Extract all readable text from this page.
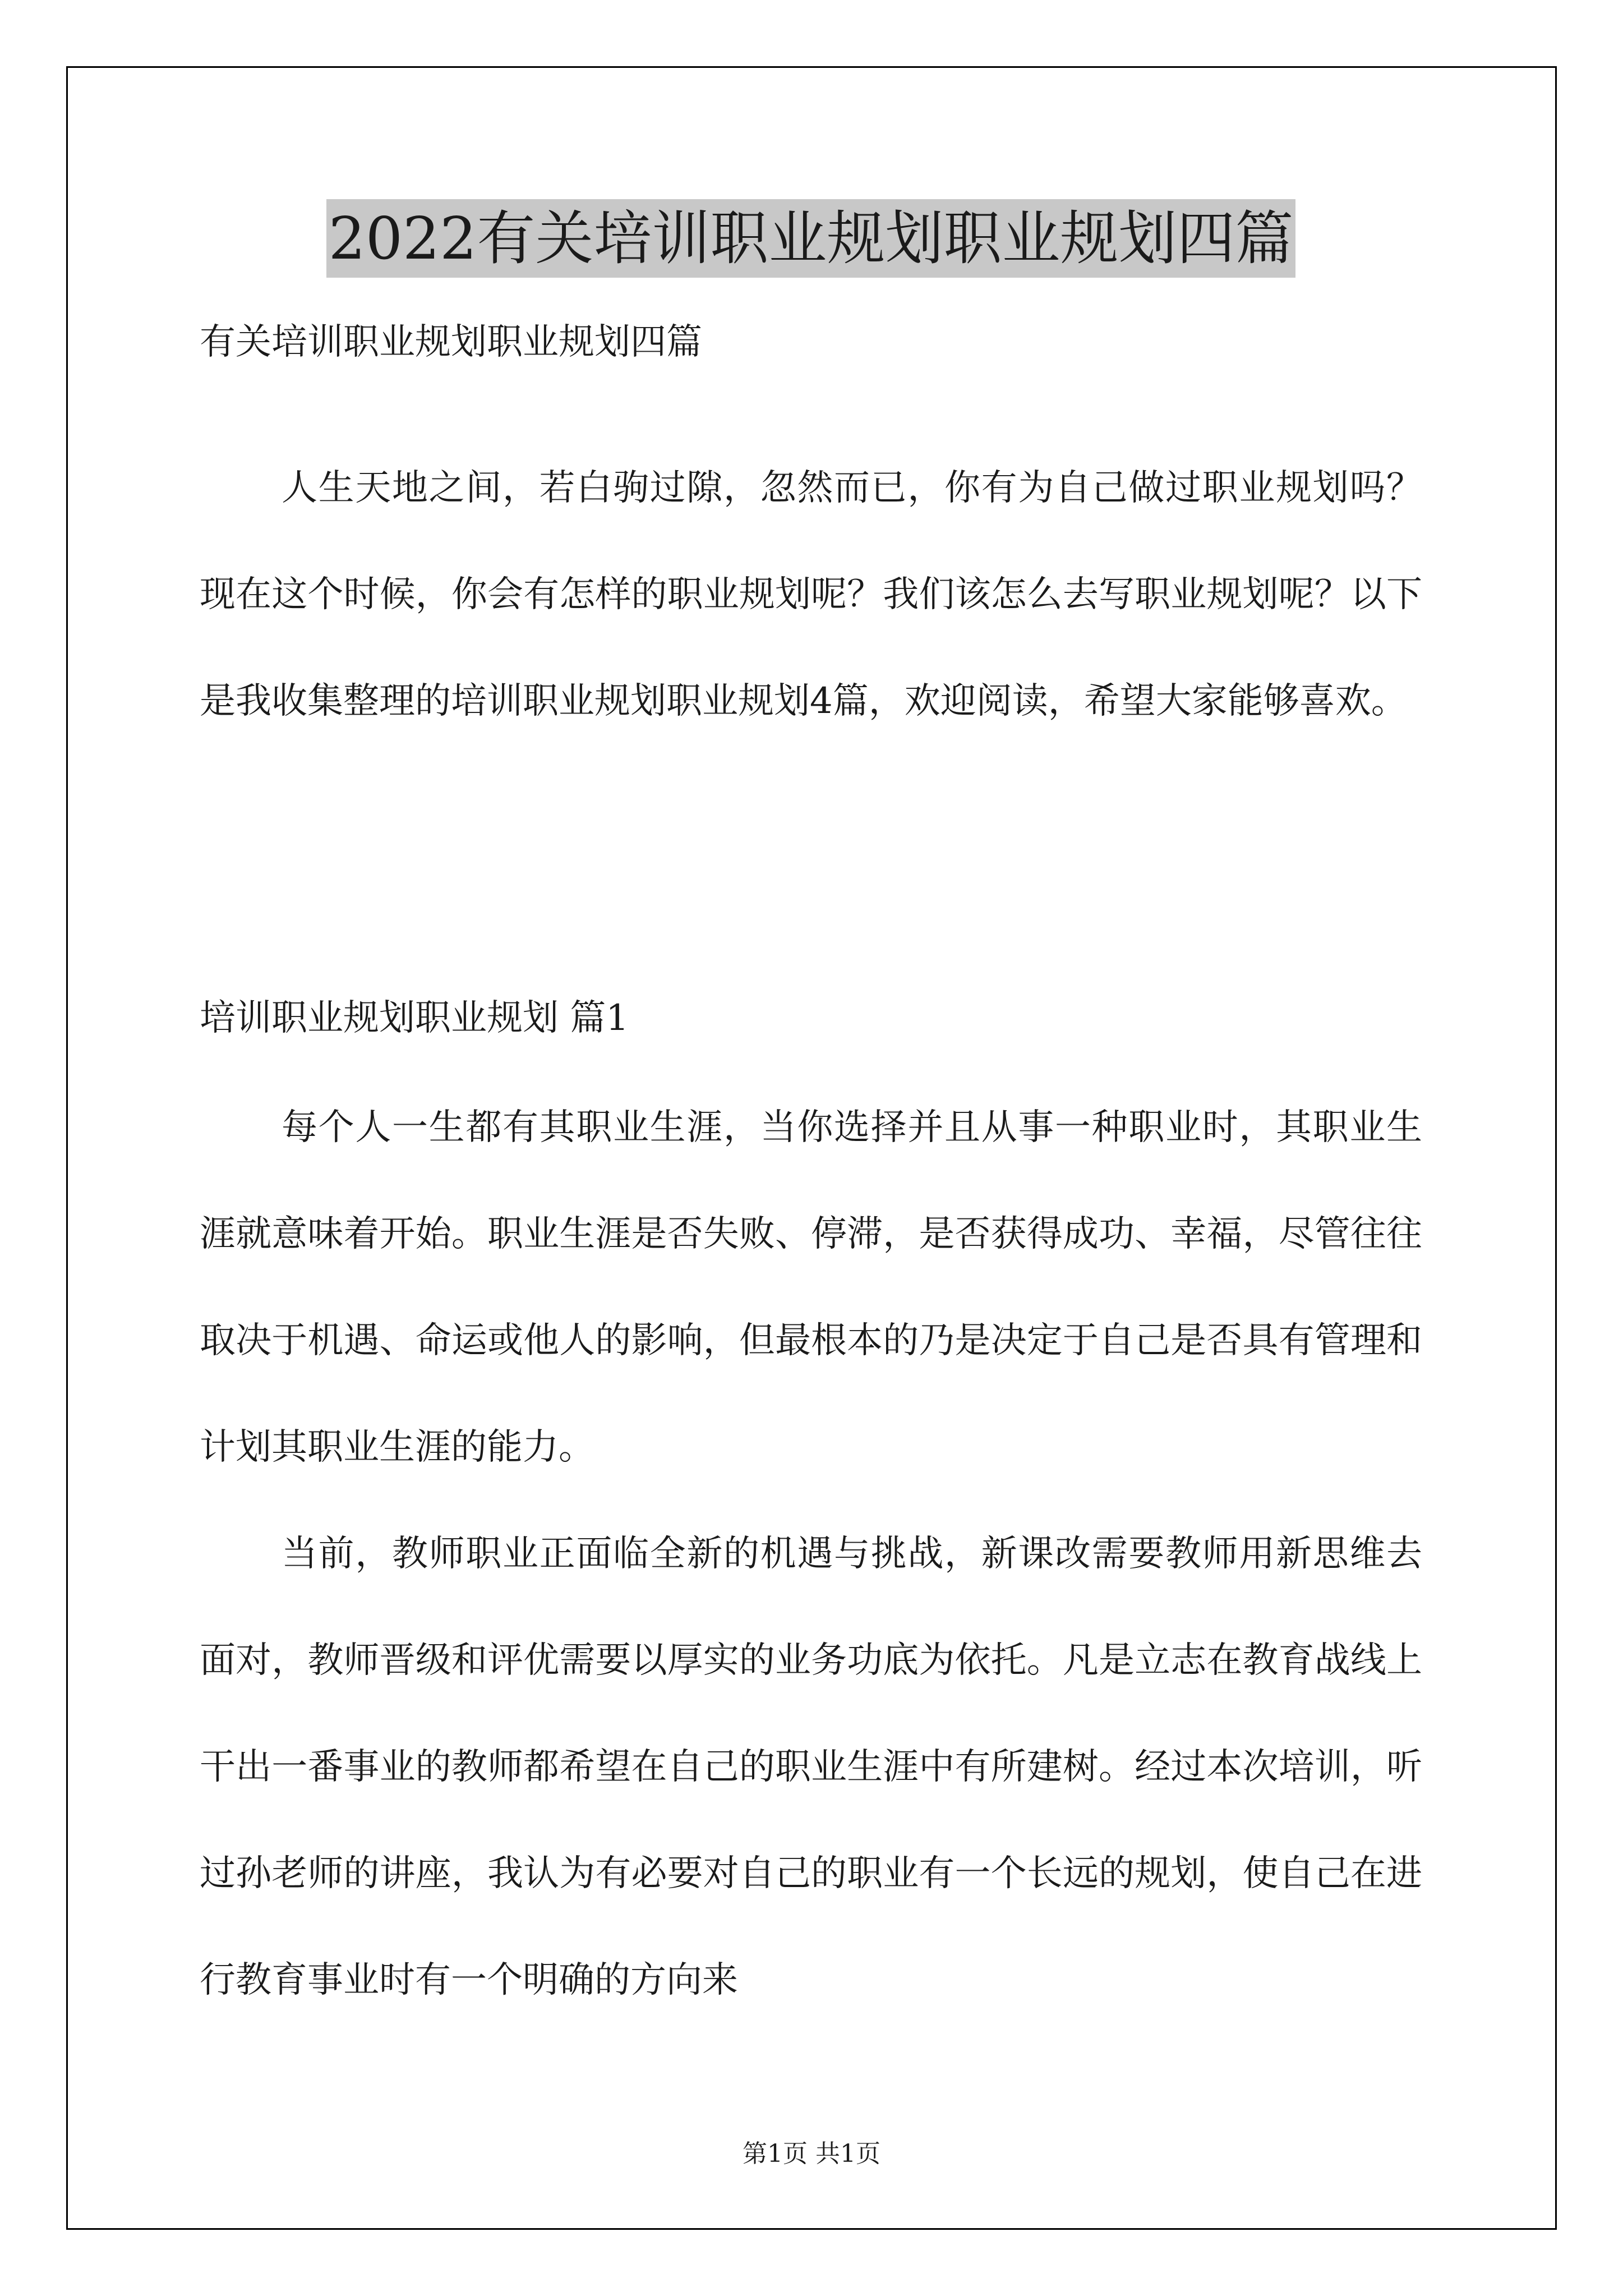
2022有关培训职业规划职业规划四篇
有关培训职业规划职业规划四篇

人生天地之间，若白驹过隙，忽然而已，你有为自己做过职业规划吗？现在这个时候，你会有怎样的职业规划呢？我们该怎么去写职业规划呢？以下是我收集整理的培训职业规划职业规划4篇，欢迎阅读，希望大家能够喜欢。

培训职业规划职业规划 篇1

每个人一生都有其职业生涯，当你选择并且从事一种职业时，其职业生涯就意味着开始。职业生涯是否失败、停滞，是否获得成功、幸福，尽管往往取决于机遇、命运或他人的影响，但最根本的乃是决定于自己是否具有管理和计划其职业生涯的能力。

当前，教师职业正面临全新的机遇与挑战，新课改需要教师用新思维去面对，教师晋级和评优需要以厚实的业务功底为依托。凡是立志在教育战线上干出一番事业的教师都希望在自己的职业生涯中有所建树。经过本次培训，听过孙老师的讲座，我认为有必要对自己的职业有一个长远的规划，使自己在进行教育事业时有一个明确的方向来

第1页 共1页
